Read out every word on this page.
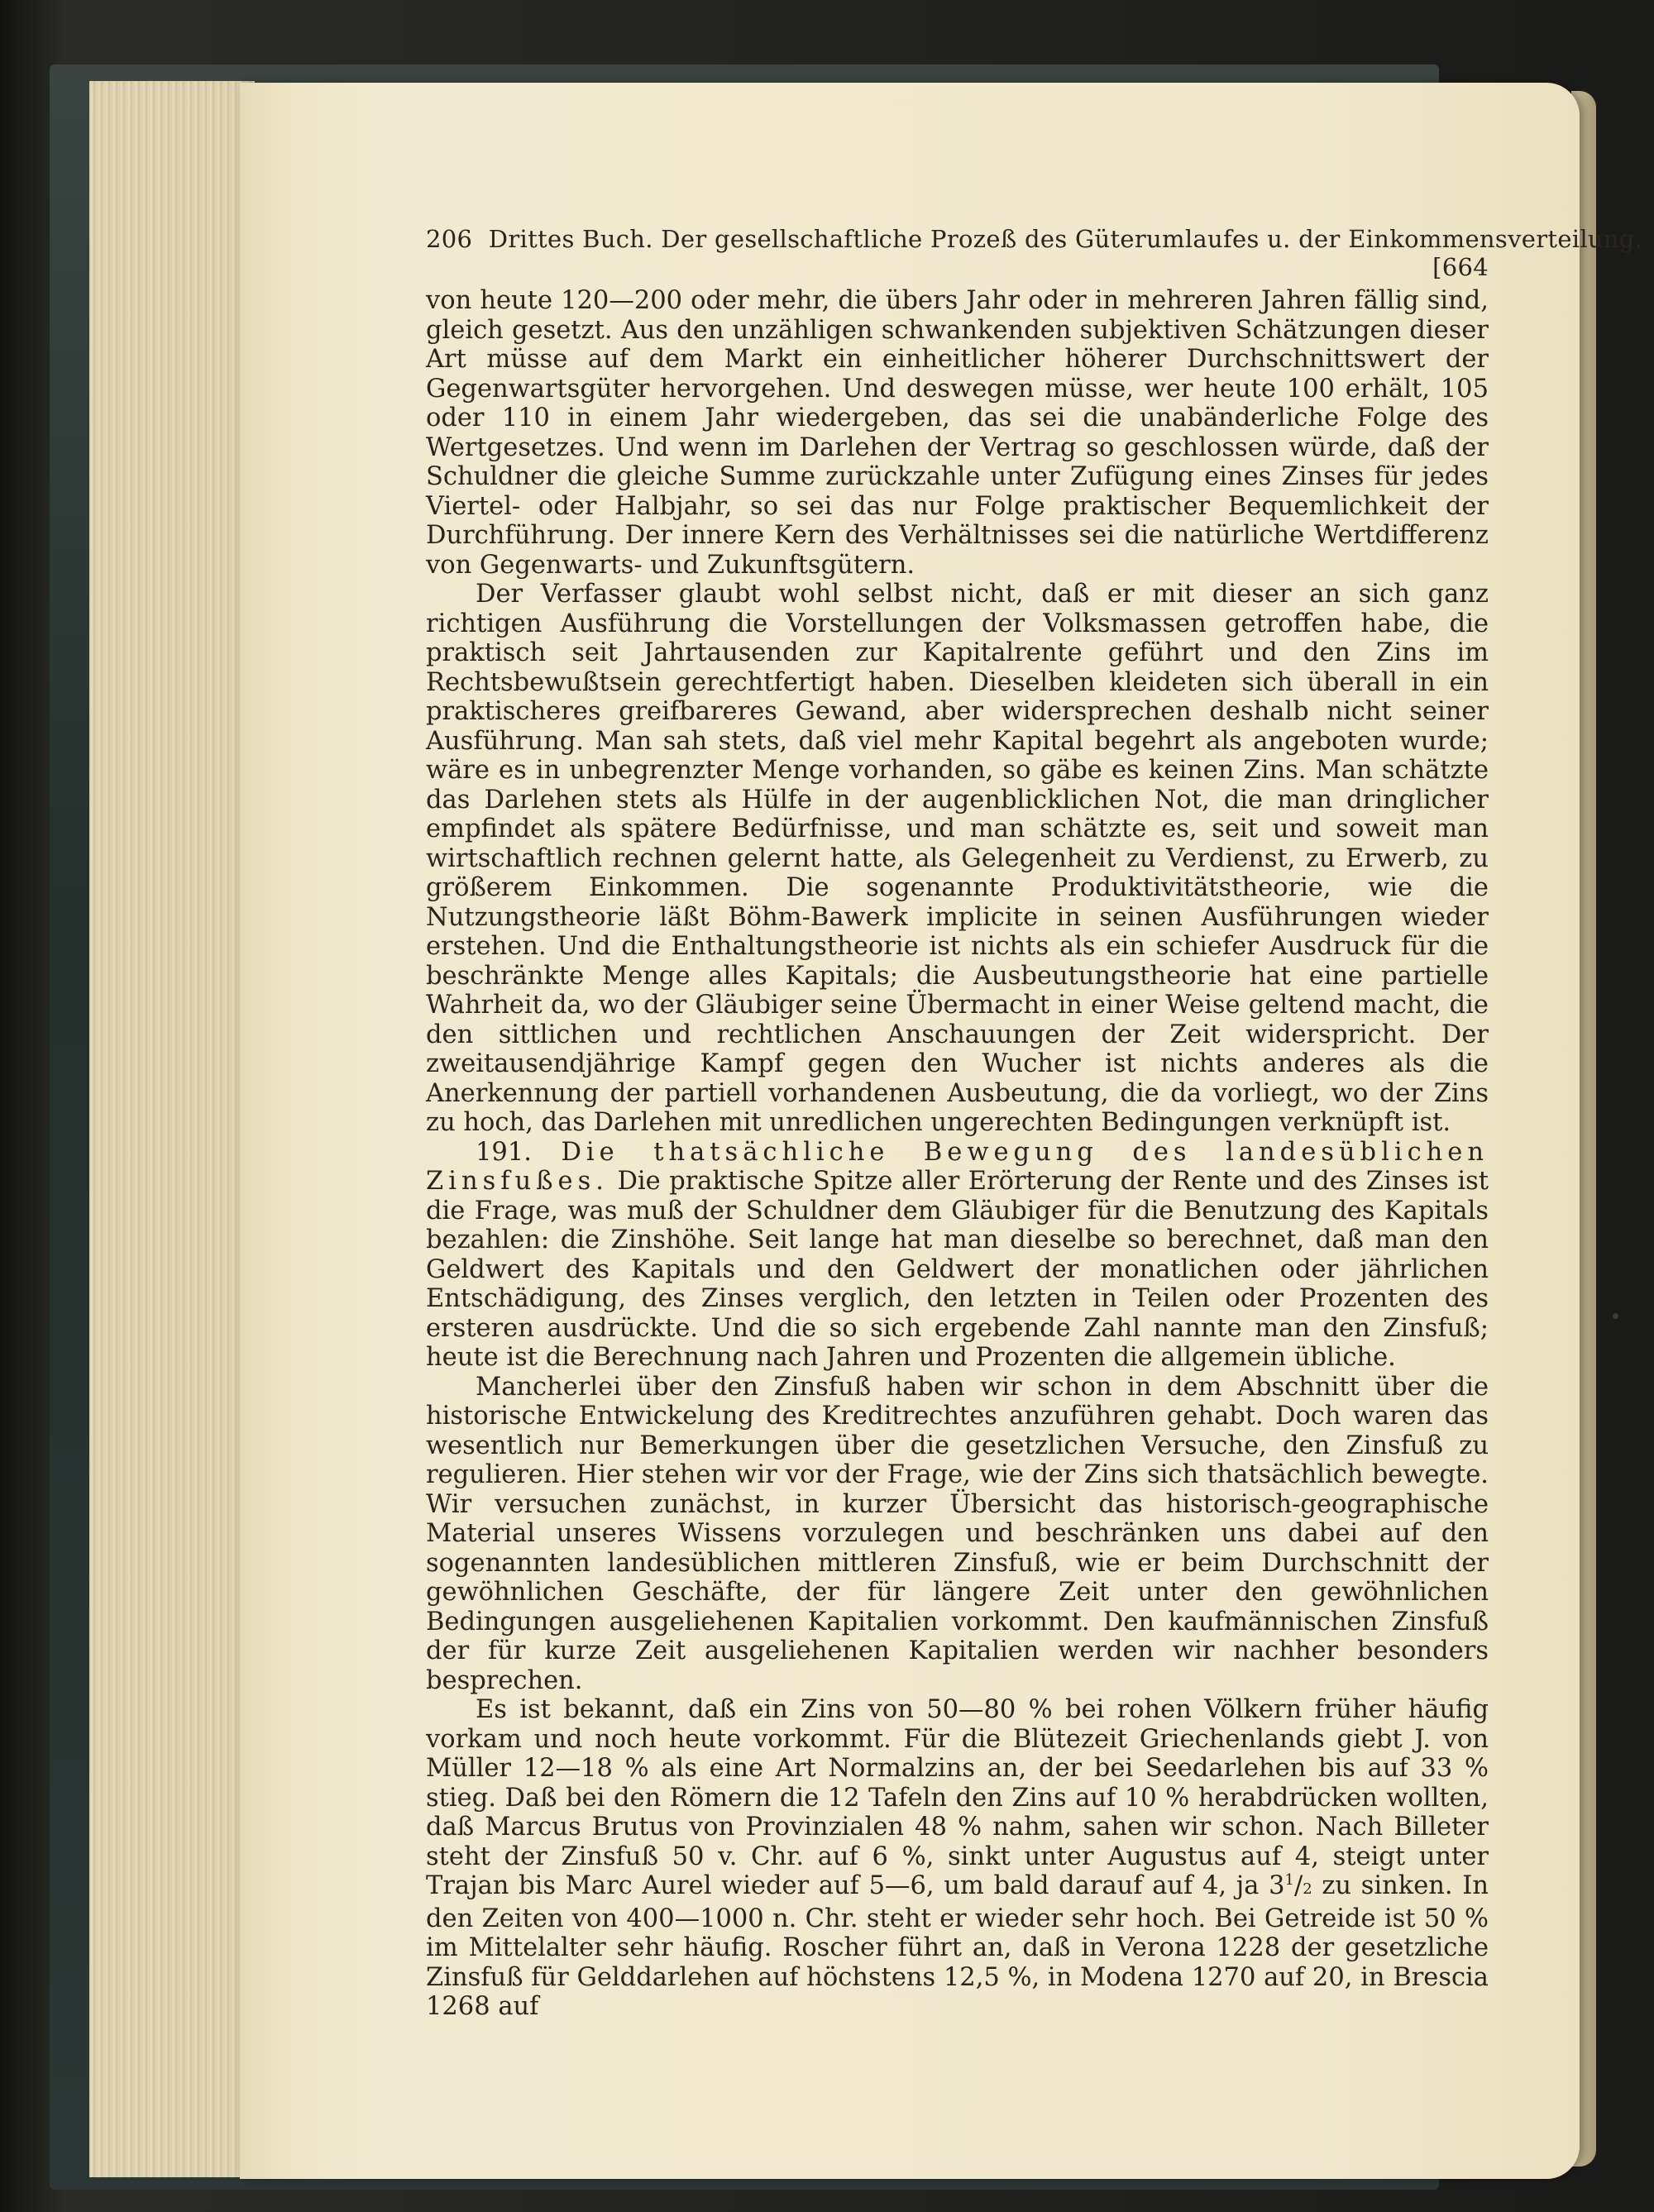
206 Drittes Buch. Der gesellschaftliche Prozeß des Güterumlaufes u. der Einkommensverteilung.
[664

von heute 120—200 oder mehr, die übers Jahr oder in mehreren Jahren fällig sind, gleich gesetzt. Aus den unzähligen schwankenden subjektiven Schätzungen dieser Art müsse auf dem Markt ein einheitlicher höherer Durchschnittswert der Gegenwartsgüter hervorgehen. Und deswegen müsse, wer heute 100 erhält, 105 oder 110 in einem Jahr wiedergeben, das sei die unabänderliche Folge des Wertgesetzes. Und wenn im Darlehen der Vertrag so geschlossen würde, daß der Schuldner die gleiche Summe zurückzahle unter Zufügung eines Zinses für jedes Viertel- oder Halbjahr, so sei das nur Folge praktischer Bequemlichkeit der Durchführung. Der innere Kern des Verhältnisses sei die natürliche Wertdifferenz von Gegenwarts- und Zukunftsgütern.

Der Verfasser glaubt wohl selbst nicht, daß er mit dieser an sich ganz richtigen Ausführung die Vorstellungen der Volksmassen getroffen habe, die praktisch seit Jahrtausenden zur Kapitalrente geführt und den Zins im Rechtsbewußtsein gerechtfertigt haben. Dieselben kleideten sich überall in ein praktischeres greifbareres Gewand, aber widersprechen deshalb nicht seiner Ausführung. Man sah stets, daß viel mehr Kapital begehrt als angeboten wurde; wäre es in unbegrenzter Menge vorhanden, so gäbe es keinen Zins. Man schätzte das Darlehen stets als Hülfe in der augenblicklichen Not, die man dringlicher empfindet als spätere Bedürfnisse, und man schätzte es, seit und soweit man wirtschaftlich rechnen gelernt hatte, als Gelegenheit zu Verdienst, zu Erwerb, zu größerem Einkommen. Die sogenannte Produktivitätstheorie, wie die Nutzungstheorie läßt Böhm-Bawerk implicite in seinen Ausführungen wieder erstehen. Und die Enthaltungstheorie ist nichts als ein schiefer Ausdruck für die beschränkte Menge alles Kapitals; die Ausbeutungstheorie hat eine partielle Wahrheit da, wo der Gläubiger seine Übermacht in einer Weise geltend macht, die den sittlichen und rechtlichen Anschauungen der Zeit widerspricht. Der zweitausendjährige Kampf gegen den Wucher ist nichts anderes als die Anerkennung der partiell vorhandenen Ausbeutung, die da vorliegt, wo der Zins zu hoch, das Darlehen mit unredlichen ungerechten Bedingungen verknüpft ist.

191. Die thatsächliche Bewegung des landesüblichen Zinsfußes. Die praktische Spitze aller Erörterung der Rente und des Zinses ist die Frage, was muß der Schuldner dem Gläubiger für die Benutzung des Kapitals bezahlen: die Zinshöhe. Seit lange hat man dieselbe so berechnet, daß man den Geldwert des Kapitals und den Geldwert der monatlichen oder jährlichen Entschädigung, des Zinses verglich, den letzten in Teilen oder Prozenten des ersteren ausdrückte. Und die so sich ergebende Zahl nannte man den Zinsfuß; heute ist die Berechnung nach Jahren und Prozenten die allgemein übliche.

Mancherlei über den Zinsfuß haben wir schon in dem Abschnitt über die historische Entwickelung des Kreditrechtes anzuführen gehabt. Doch waren das wesentlich nur Bemerkungen über die gesetzlichen Versuche, den Zinsfuß zu regulieren. Hier stehen wir vor der Frage, wie der Zins sich thatsächlich bewegte. Wir versuchen zunächst, in kurzer Übersicht das historisch-geographische Material unseres Wissens vorzulegen und beschränken uns dabei auf den sogenannten landesüblichen mittleren Zinsfuß, wie er beim Durchschnitt der gewöhnlichen Geschäfte, der für längere Zeit unter den gewöhnlichen Bedingungen ausgeliehenen Kapitalien vorkommt. Den kaufmännischen Zinsfuß der für kurze Zeit ausgeliehenen Kapitalien werden wir nachher besonders besprechen.

Es ist bekannt, daß ein Zins von 50—80 % bei rohen Völkern früher häufig vorkam und noch heute vorkommt. Für die Blütezeit Griechenlands giebt J. von Müller 12—18 % als eine Art Normalzins an, der bei Seedarlehen bis auf 33 % stieg. Daß bei den Römern die 12 Tafeln den Zins auf 10 % herabdrücken wollten, daß Marcus Brutus von Provinzialen 48 % nahm, sahen wir schon. Nach Billeter steht der Zinsfuß 50 v. Chr. auf 6 %, sinkt unter Augustus auf 4, steigt unter Trajan bis Marc Aurel wieder auf 5—6, um bald darauf auf 4, ja $3^1/2$ zu sinken. In den Zeiten von 400—1000 n. Chr. steht er wieder sehr hoch. Bei Getreide ist 50 % im Mittelalter sehr häufig. Roscher führt an, daß in Verona 1228 der gesetzliche Zinsfuß für Gelddarlehen auf höchstens 12,5 %, in Modena 1270 auf 20, in Brescia 1268 auf
